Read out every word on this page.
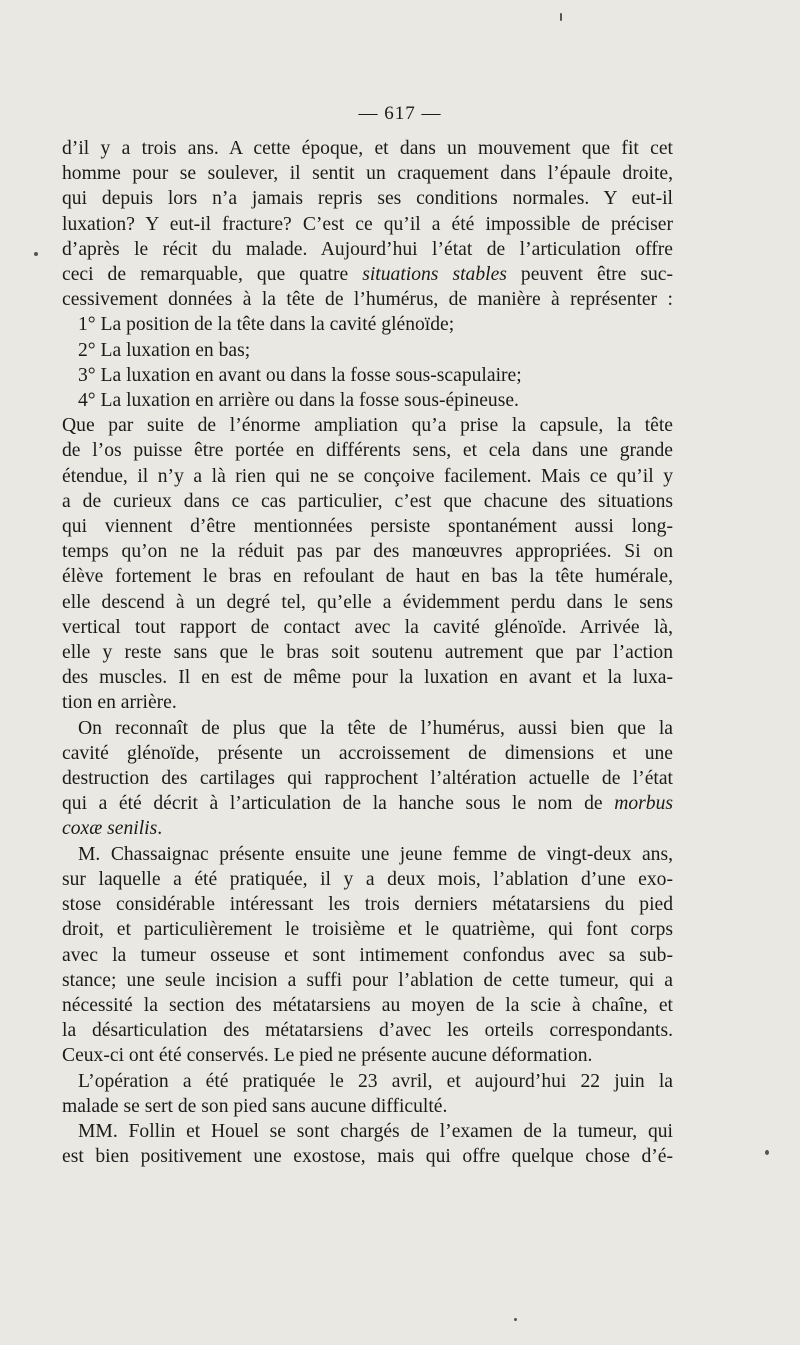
— 617 —
d’il y a trois ans. A cette époque, et dans un mouvement que fit cet
homme pour se soulever, il sentit un craquement dans l’épaule droite,
qui depuis lors n’a jamais repris ses conditions normales. Y eut-il
luxation? Y eut-il fracture? C’est ce qu’il a été impossible de préciser
d’après le récit du malade. Aujourd’hui l’état de l’articulation offre
ceci de remarquable, que quatre situations stables peuvent être suc-
cessivement données à la tête de l’humérus, de manière à représenter :
1° La position de la tête dans la cavité glénoïde;
2° La luxation en bas;
3° La luxation en avant ou dans la fosse sous-scapulaire;
4° La luxation en arrière ou dans la fosse sous-épineuse.
Que par suite de l’énorme ampliation qu’a prise la capsule, la tête
de l’os puisse être portée en différents sens, et cela dans une grande
étendue, il n’y a là rien qui ne se conçoive facilement. Mais ce qu’il y
a de curieux dans ce cas particulier, c’est que chacune des situations
qui viennent d’être mentionnées persiste spontanément aussi long-
temps qu’on ne la réduit pas par des manœuvres appropriées. Si on
élève fortement le bras en refoulant de haut en bas la tête humérale,
elle descend à un degré tel, qu’elle a évidemment perdu dans le sens
vertical tout rapport de contact avec la cavité glénoïde. Arrivée là,
elle y reste sans que le bras soit soutenu autrement que par l’action
des muscles. Il en est de même pour la luxation en avant et la luxa-
tion en arrière.
On reconnaît de plus que la tête de l’humérus, aussi bien que la
cavité glénoïde, présente un accroissement de dimensions et une
destruction des cartilages qui rapprochent l’altération actuelle de l’état
qui a été décrit à l’articulation de la hanche sous le nom de morbus
coxæ senilis.
M. Chassaignac présente ensuite une jeune femme de vingt-deux ans,
sur laquelle a été pratiquée, il y a deux mois, l’ablation d’une exo-
stose considérable intéressant les trois derniers métatarsiens du pied
droit, et particulièrement le troisième et le quatrième, qui font corps
avec la tumeur osseuse et sont intimement confondus avec sa sub-
stance; une seule incision a suffi pour l’ablation de cette tumeur, qui a
nécessité la section des métatarsiens au moyen de la scie à chaîne, et
la désarticulation des métatarsiens d’avec les orteils correspondants.
Ceux-ci ont été conservés. Le pied ne présente aucune déformation.
L’opération a été pratiquée le 23 avril, et aujourd’hui 22 juin la
malade se sert de son pied sans aucune difficulté.
MM. Follin et Houel se sont chargés de l’examen de la tumeur, qui
est bien positivement une exostose, mais qui offre quelque chose d’é-
